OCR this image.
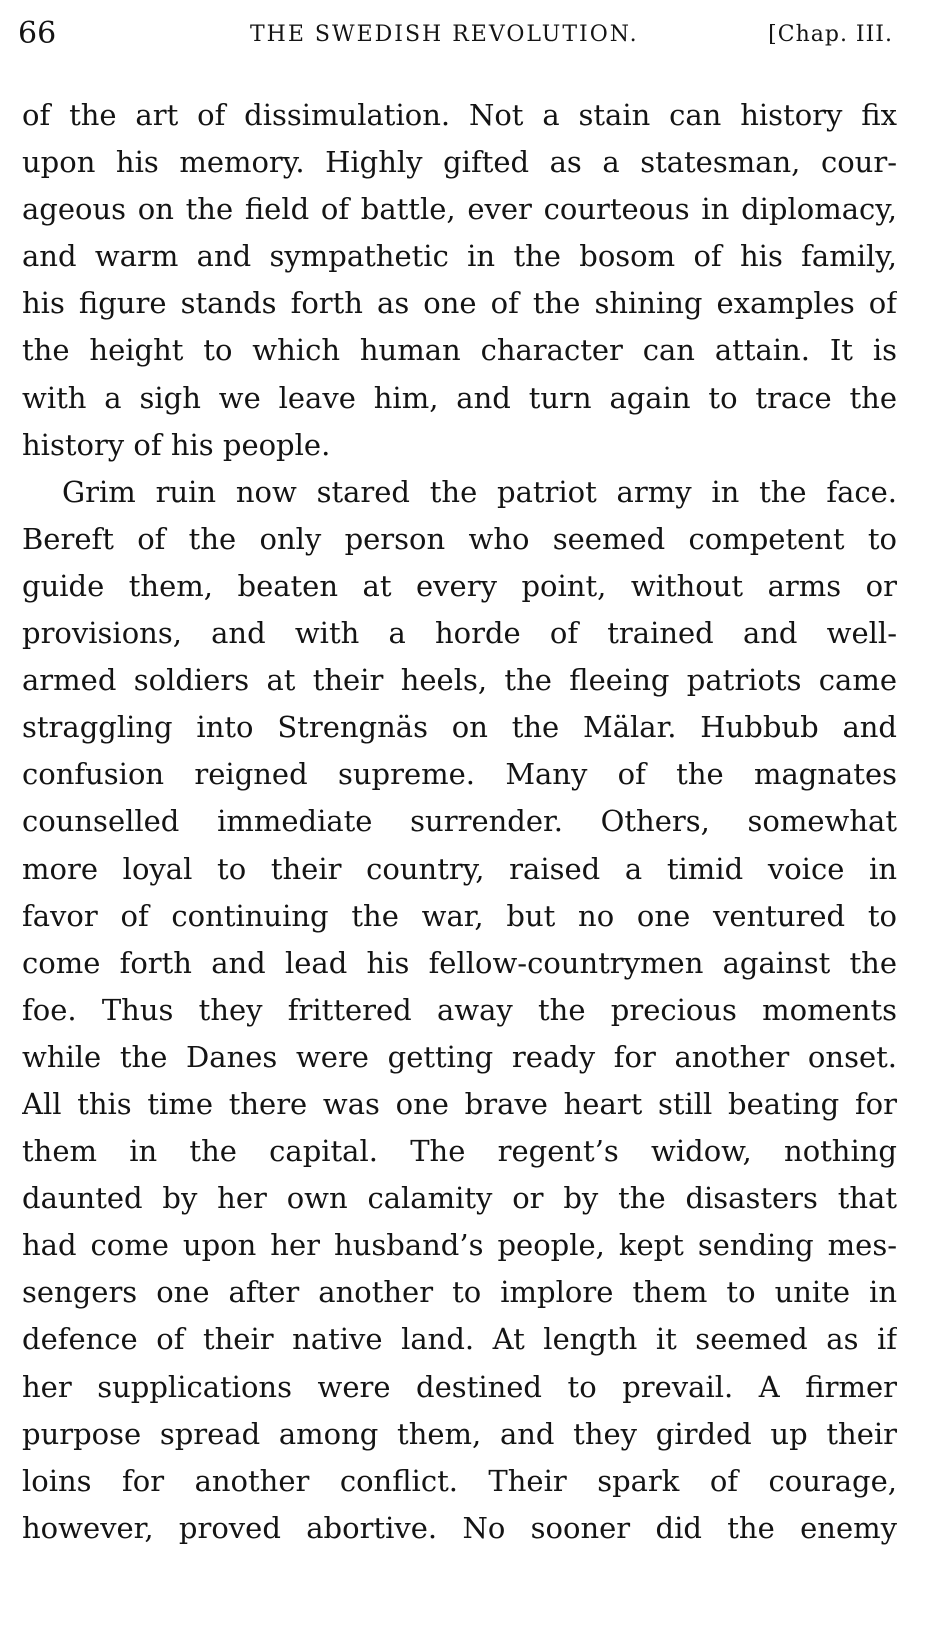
66	THE SWEDISH REVOLUTION.	[Chap. III.
of the art of dissimulation. Not a stain can history fix
upon his memory. Highly gifted as a statesman, cour-
ageous on the field of battle, ever courteous in diplomacy,
and warm and sympathetic in the bosom of his family,
his figure stands forth as one of the shining examples of
the height to which human character can attain. It is
with a sigh we leave him, and turn again to trace the
history of his people.
Grim ruin now stared the patriot army in the face.
Bereft of the only person who seemed competent to
guide them, beaten at every point, without arms or
provisions, and with a horde of trained and well-
armed soldiers at their heels, the fleeing patriots came
straggling into Strengnäs on the Mälar. Hubbub and
confusion reigned supreme. Many of the magnates
counselled immediate surrender. Others, somewhat
more loyal to their country, raised a timid voice in
favor of continuing the war, but no one ventured to
come forth and lead his fellow-countrymen against the
foe. Thus they frittered away the precious moments
while the Danes were getting ready for another onset.
All this time there was one brave heart still beating for
them in the capital. The regent’s widow, nothing
daunted by her own calamity or by the disasters that
had come upon her husband’s people, kept sending mes-
sengers one after another to implore them to unite in
defence of their native land. At length it seemed as if
her supplications were destined to prevail. A firmer
purpose spread among them, and they girded up their
loins for another conflict. Their spark of courage,
however, proved abortive. No sooner did the enemy
